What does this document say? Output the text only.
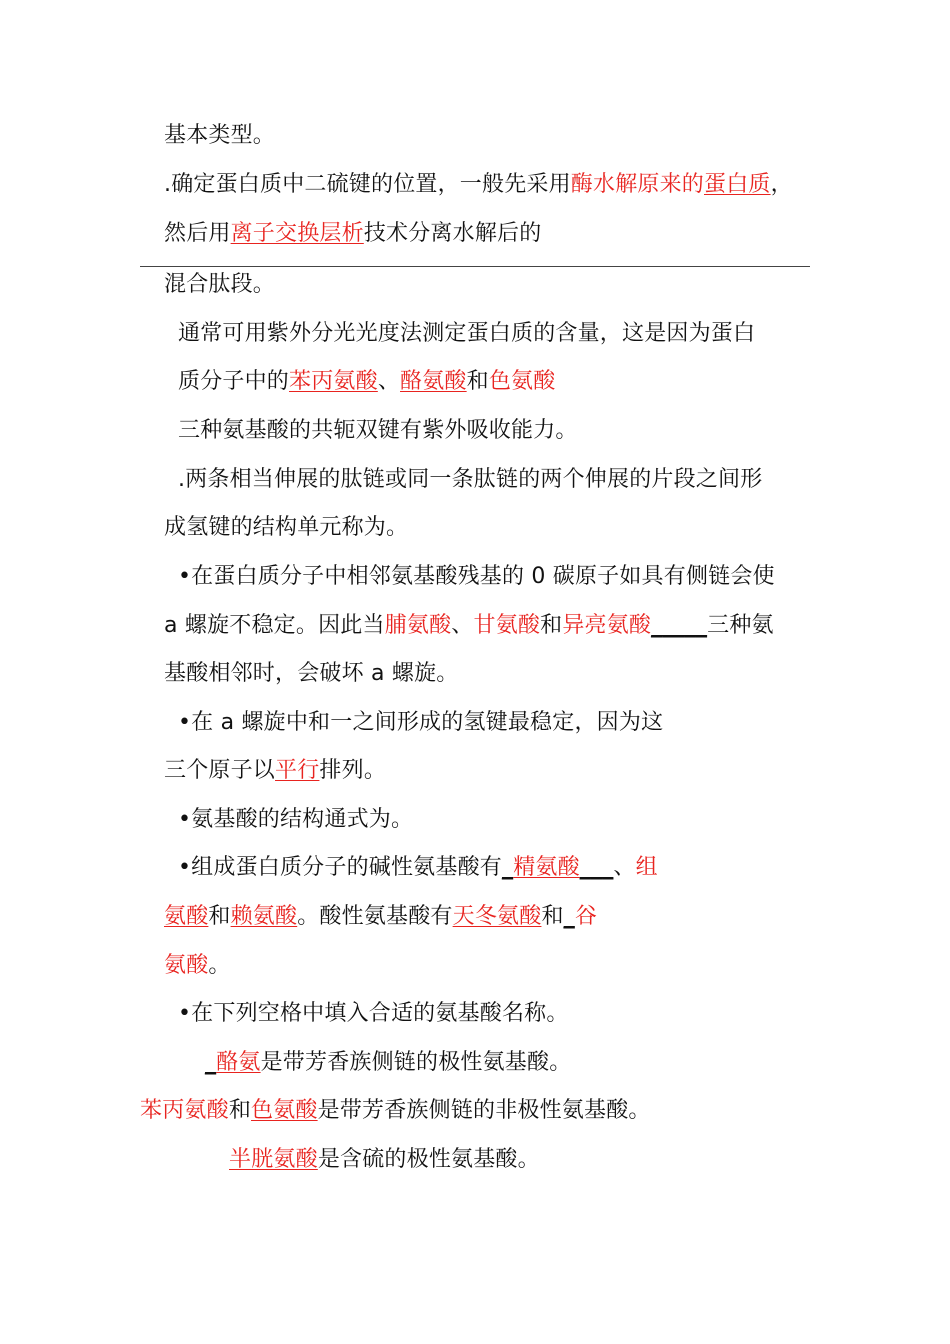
基本类型。
.确定蛋白质中二硫键的位置，一般先采用酶水解原来的蛋白质，
然后用离子交换层析技术分离水解后的
混合肽段。
通常可用紫外分光光度法测定蛋白质的含量，这是因为蛋白
质分子中的苯丙氨酸、酪氨酸和色氨酸
三种氨基酸的共轭双键有紫外吸收能力。
.两条相当伸展的肽链或同一条肽链的两个伸展的片段之间形
成氢键的结构单元称为。
•在蛋白质分子中相邻氨基酸残基的 0 碳原子如具有侧链会使
a 螺旋不稳定。因此当脯氨酸、甘氨酸和异亮氨酸_____三种氨
基酸相邻时，会破坏 a 螺旋。
•在 a 螺旋中和一之间形成的氢键最稳定，因为这
三个原子以平行排列。
•氨基酸的结构通式为。
•组成蛋白质分子的碱性氨基酸有_精氨酸___、组
氨酸和赖氨酸。酸性氨基酸有天冬氨酸和_谷
氨酸。
•在下列空格中填入合适的氨基酸名称。
_酪氨是带芳香族侧链的极性氨基酸。
苯丙氨酸和色氨酸是带芳香族侧链的非极性氨基酸。
半胱氨酸是含硫的极性氨基酸。
